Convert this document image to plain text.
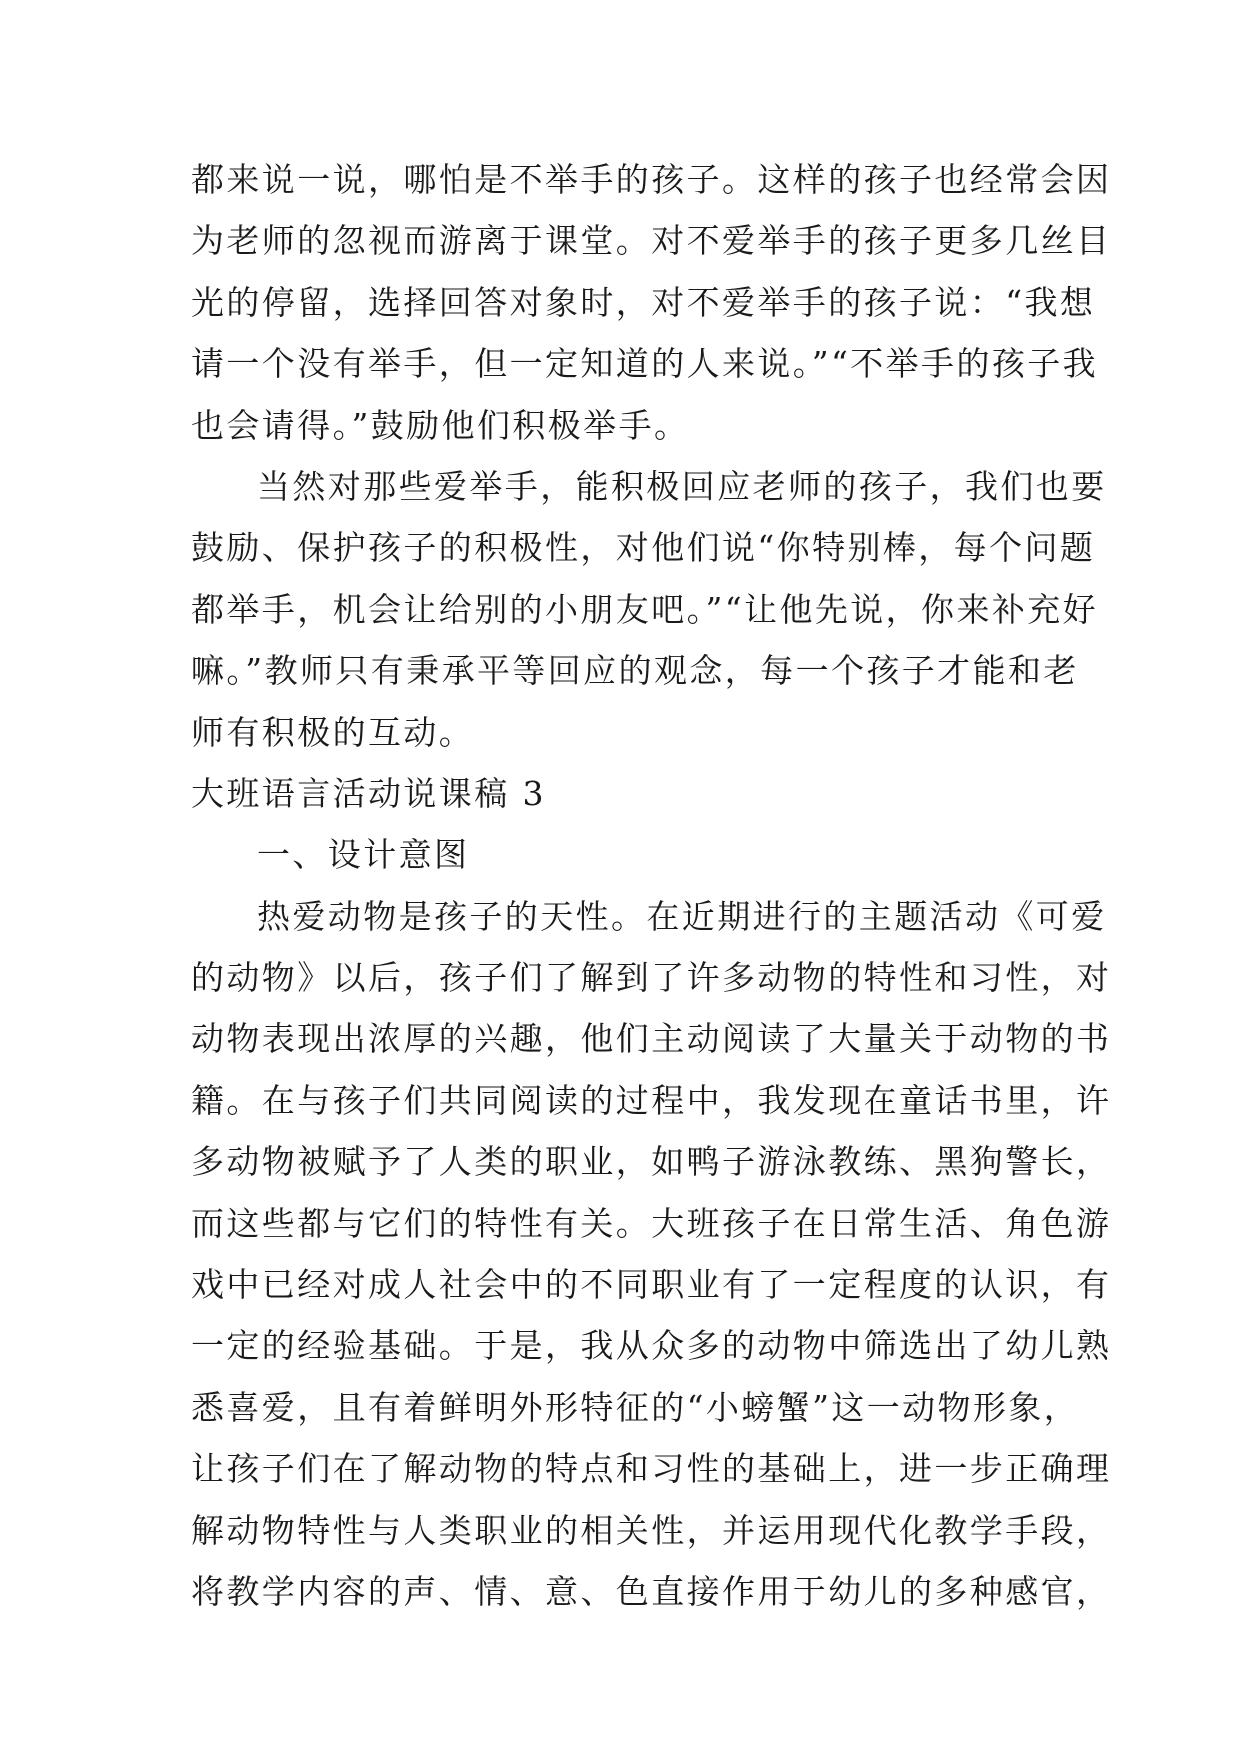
都来说一说，哪怕是不举手的孩子。这样的孩子也经常会因
为老师的忽视而游离于课堂。对不爱举手的孩子更多几丝目
光的停留，选择回答对象时，对不爱举手的孩子说：“我想
请一个没有举手，但一定知道的人来说。”“不举手的孩子我
也会请得。”鼓励他们积极举手。
当然对那些爱举手，能积极回应老师的孩子，我们也要
鼓励、保护孩子的积极性，对他们说“你特别棒，每个问题
都举手，机会让给别的小朋友吧。”“让他先说，你来补充好
嘛。”教师只有秉承平等回应的观念，每一个孩子才能和老
师有积极的互动。
大班语言活动说课稿 3
一、设计意图
热爱动物是孩子的天性。在近期进行的主题活动《可爱
的动物》以后，孩子们了解到了许多动物的特性和习性，对
动物表现出浓厚的兴趣，他们主动阅读了大量关于动物的书
籍。在与孩子们共同阅读的过程中，我发现在童话书里，许
多动物被赋予了人类的职业，如鸭子游泳教练、黑狗警长，
而这些都与它们的特性有关。大班孩子在日常生活、角色游
戏中已经对成人社会中的不同职业有了一定程度的认识，有
一定的经验基础。于是，我从众多的动物中筛选出了幼儿熟
悉喜爱，且有着鲜明外形特征的“小螃蟹”这一动物形象，
让孩子们在了解动物的特点和习性的基础上，进一步正确理
解动物特性与人类职业的相关性，并运用现代化教学手段，
将教学内容的声、情、意、色直接作用于幼儿的多种感官，
